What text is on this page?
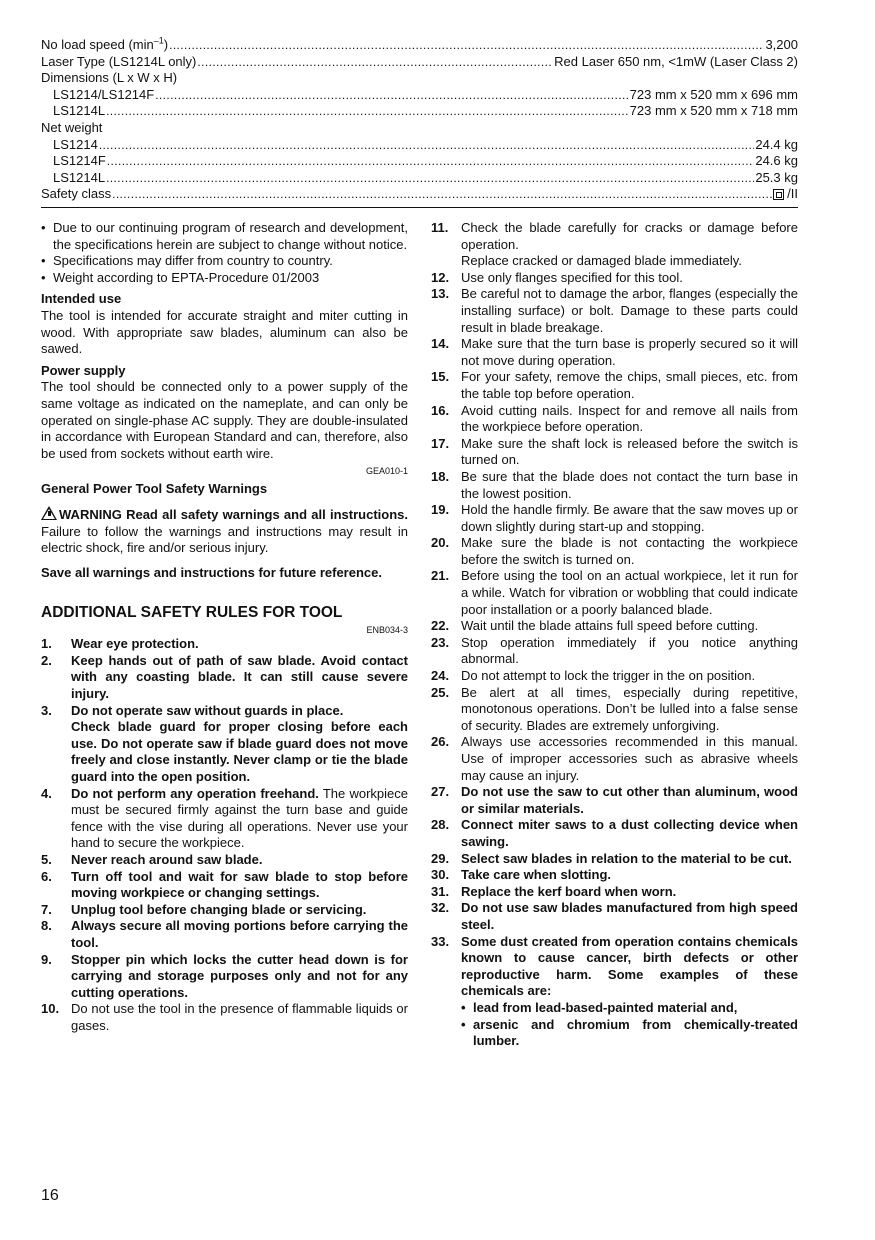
No load speed $(\min^{-1})$ .....	3,200
Laser Type (LS1214L only) .....	Red Laser 650 nm, <1mW (Laser Class 2)
Dimensions (L x W x H)
LS1214/LS1214F .....	723 mm x 520 mm x 696 mm
LS1214L .....	723 mm x 520 mm x 718 mm
Net weight
LS1214 .....	24.4 kg
LS1214F .....	24.6 kg
LS1214L .....	25.3 kg
Safety class .....	/II
• Due to our continuing program of research and development, the specifications herein are subject to change without notice.
• Specifications may differ from country to country.
• Weight according to EPTA-Procedure 01/2003
Intended use

The tool is intended for accurate straight and miter cutting in wood. With appropriate saw blades, aluminum can also be sawed.

Power supply

The tool should be connected only to a power supply of the same voltage as indicated on the nameplate, and can only be operated on single-phase AC supply. They are double-insulated in accordance with European Standard and can, therefore, also be used from sockets without earth wire.

GEA010-1
General Power Tool Safety Warnings

WARNING Read all safety warnings and all instructions. Failure to follow the warnings and instructions may result in electric shock, fire and/or serious injury.

Save all warnings and instructions for future reference.

ADDITIONAL SAFETY RULES FOR TOOL
ENB034-3
1.	Wear eye protection.
2.	Keep hands out of path of saw blade. Avoid contact with any coasting blade. It can still cause severe injury.
3.	Do not operate saw without guards in place.
Check blade guard for proper closing before each use. Do not operate saw if blade guard does not move freely and close instantly. Never clamp or tie the blade guard into the open position.
4.	Do not perform any operation freehand. The workpiece must be secured firmly against the turn base and guide fence with the vise during all operations. Never use your hand to secure the workpiece.
5.	Never reach around saw blade.
6.	Turn off tool and wait for saw blade to stop before moving workpiece or changing settings.
7.	Unplug tool before changing blade or servicing.
8.	Always secure all moving portions before carrying the tool.
9.	Stopper pin which locks the cutter head down is for carrying and storage purposes only and not for any cutting operations.
10. Do not use the tool in the presence of flammable liquids or gases.
11. Check the blade carefully for cracks or damage before operation.
Replace cracked or damaged blade immediately.
12. Use only flanges specified for this tool.
13. Be careful not to damage the arbor, flanges (especially the installing surface) or bolt. Damage to these parts could result in blade breakage.
14. Make sure that the turn base is properly secured so it will not move during operation.
15. For your safety, remove the chips, small pieces, etc. from the table top before operation.
16. Avoid cutting nails. Inspect for and remove all nails from the workpiece before operation.
17. Make sure the shaft lock is released before the switch is turned on.
18. Be sure that the blade does not contact the turn base in the lowest position.
19. Hold the handle firmly. Be aware that the saw moves up or down slightly during start-up and stopping.
20. Make sure the blade is not contacting the workpiece before the switch is turned on.
21. Before using the tool on an actual workpiece, let it run for a while. Watch for vibration or wobbling that could indicate poor installation or a poorly balanced blade.
22. Wait until the blade attains full speed before cutting.
23. Stop operation immediately if you notice anything abnormal.
24. Do not attempt to lock the trigger in the on position.
25. Be alert at all times, especially during repetitive, monotonous operations. Don’t be lulled into a false sense of security. Blades are extremely unforgiving.
26. Always use accessories recommended in this manual. Use of improper accessories such as abrasive wheels may cause an injury.
27. Do not use the saw to cut other than aluminum, wood or similar materials.
28. Connect miter saws to a dust collecting device when sawing.
29. Select saw blades in relation to the material to be cut.
30. Take care when slotting.
31. Replace the kerf board when worn.
32. Do not use saw blades manufactured from high speed steel.
33. Some dust created from operation contains chemicals known to cause cancer, birth defects or other reproductive harm. Some examples of these chemicals are:
• lead from lead-based-painted material and,
• arsenic and chromium from chemically-treated lumber.
16
